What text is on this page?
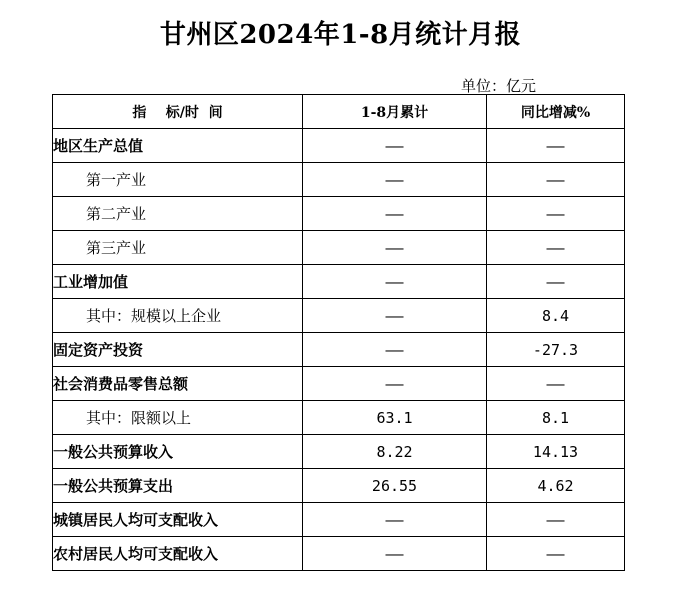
甘州区2024年1-8月统计月报
单位：亿元
指    标/时  间	1-8月累计	同比增减%
地区生产总值	——	——
第一产业	——	——
第二产业	——	——
第三产业	——	——
工业增加值	——	——
其中：规模以上企业	——	8.4
固定资产投资	——	-27.3
社会消费品零售总额	——	——
其中：限额以上	63.1	8.1
一般公共预算收入	8.22	14.13
一般公共预算支出	26.55	4.62
城镇居民人均可支配收入	——	——
农村居民人均可支配收入	——	——
